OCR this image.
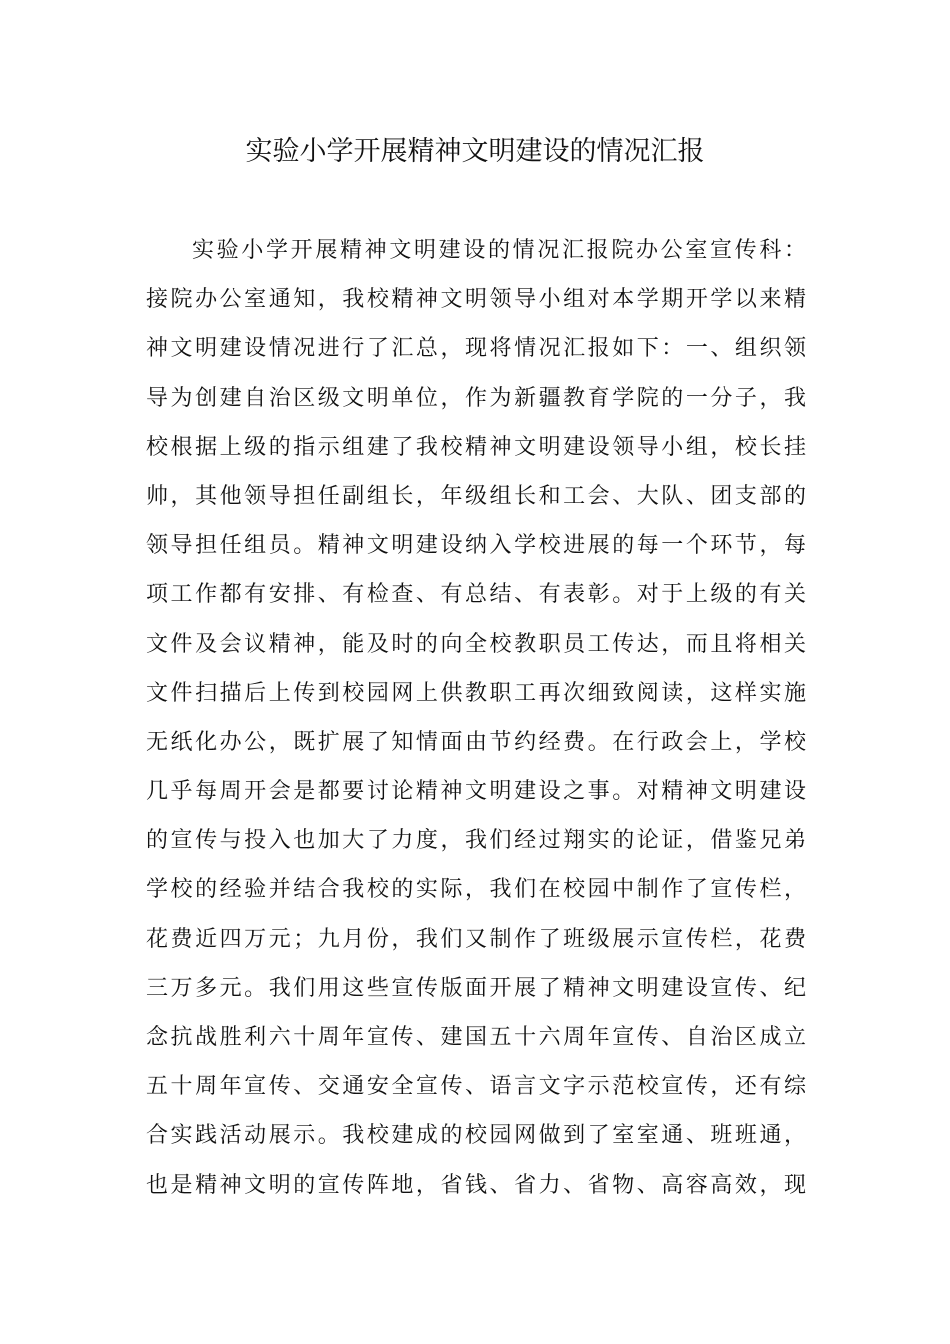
实验小学开展精神文明建设的情况汇报
实验小学开展精神文明建设的情况汇报院办公室宣传科：
接院办公室通知，我校精神文明领导小组对本学期开学以来精
神文明建设情况进行了汇总，现将情况汇报如下：一、组织领
导为创建自治区级文明单位，作为新疆教育学院的一分子，我
校根据上级的指示组建了我校精神文明建设领导小组，校长挂
帅，其他领导担任副组长，年级组长和工会、大队、团支部的
领导担任组员。精神文明建设纳入学校进展的每一个环节，每
项工作都有安排、有检查、有总结、有表彰。对于上级的有关
文件及会议精神，能及时的向全校教职员工传达，而且将相关
文件扫描后上传到校园网上供教职工再次细致阅读，这样实施
无纸化办公，既扩展了知情面由节约经费。在行政会上，学校
几乎每周开会是都要讨论精神文明建设之事。对精神文明建设
的宣传与投入也加大了力度，我们经过翔实的论证，借鉴兄弟
学校的经验并结合我校的实际，我们在校园中制作了宣传栏，
花费近四万元；九月份，我们又制作了班级展示宣传栏，花费
三万多元。我们用这些宣传版面开展了精神文明建设宣传、纪
念抗战胜利六十周年宣传、建国五十六周年宣传、自治区成立
五十周年宣传、交通安全宣传、语言文字示范校宣传，还有综
合实践活动展示。我校建成的校园网做到了室室通、班班通，
也是精神文明的宣传阵地，省钱、省力、省物、高容高效，现
